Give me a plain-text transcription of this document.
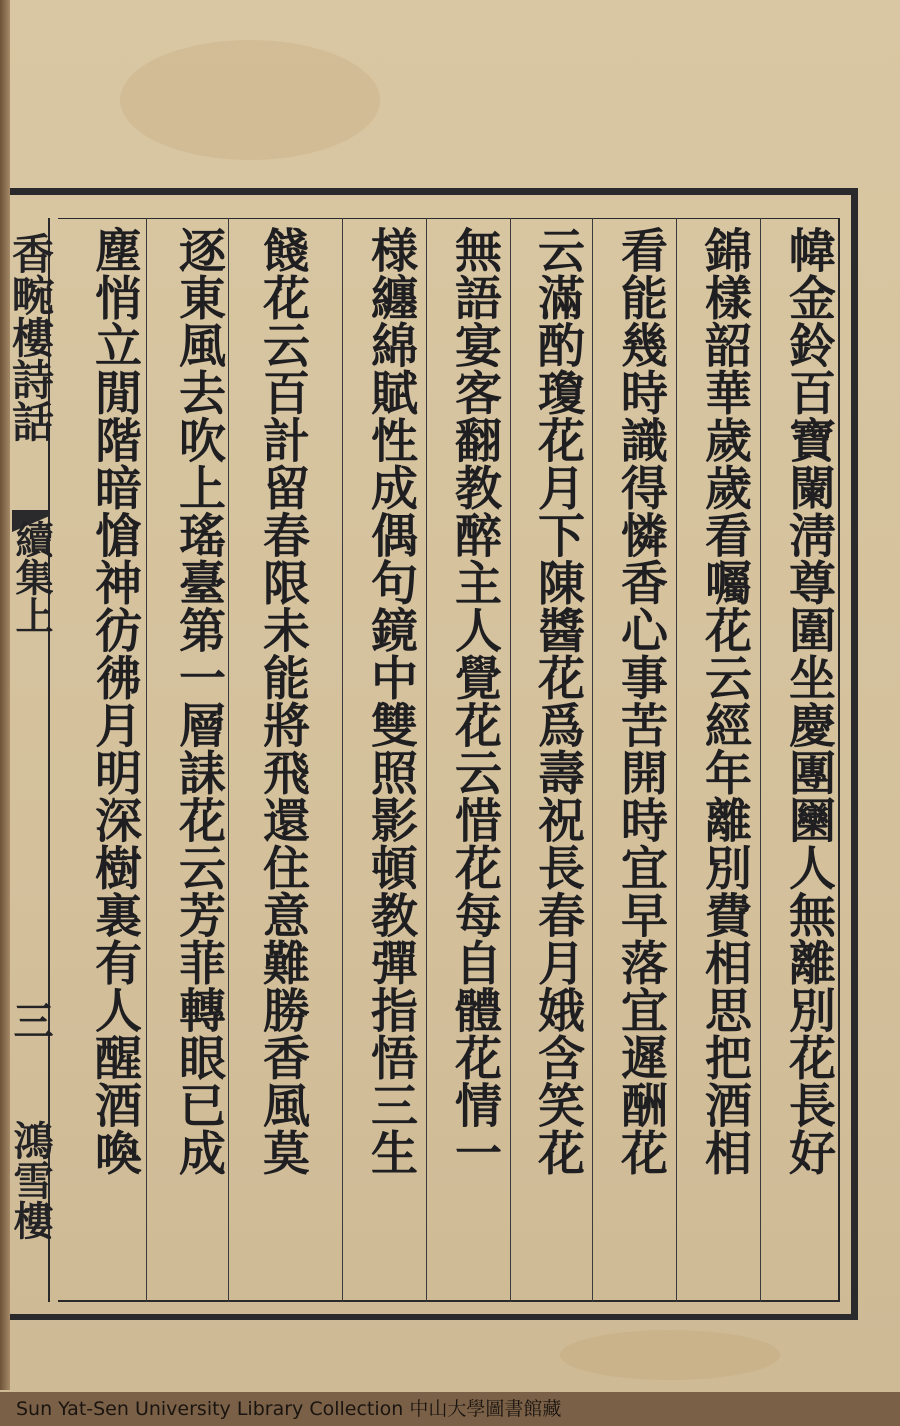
幃金鈴百寶闌淸尊圍坐慶團圞人無離別花長好
錦樣韶華歲歲看囑花云經年離別費相思把酒相
看能幾時識得憐香心事苦開時宜早落宜遲酬花
云滿酌瓊花月下陳醬花爲壽祝長春月娥含笑花
無語宴客翻教醉主人覺花云惜花每自體花情一
様纏綿賦性成偶句鏡中雙照影頓教彈指悟三生
餞花云百計留春限未能將飛還住意難勝香風莫
逐東風去吹上瑤臺第一層誄花云芳菲轉眼已成
塵悄立閒階暗愴神彷彿月明深樹裏有人醒酒喚
香畹樓詩話
續集上
三
鴻雪樓
Sun Yat-Sen University Library Collection 中山大學圖書館藏
